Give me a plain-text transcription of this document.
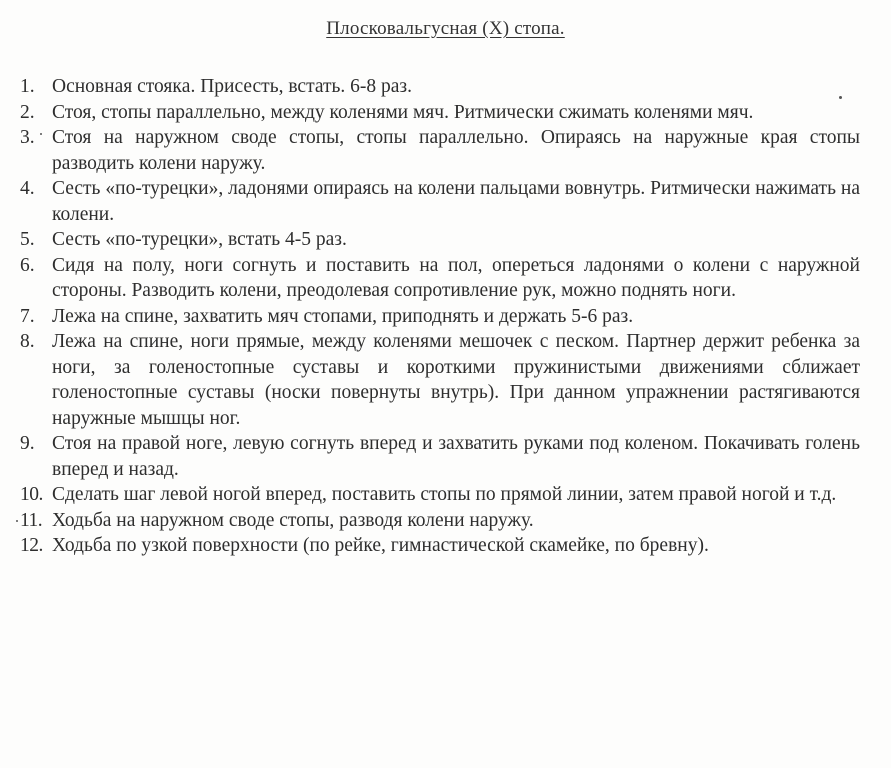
Плосковальгусная (Х) стопа.
1. Основная стоякa. Присесть, встать. 6-8 раз.
2. Стоя, стопы параллельно, между коленями мяч. Ритмически сжимать коленями мяч.
3. Стоя на наружном своде стопы, стопы параллельно. Опираясь на наружные края стопы разводить колени наружу.
4. Сесть «по-турецки», ладонями опираясь на колени пальцами вовнутрь. Ритмически нажимать на колени.
5. Сесть «по-турецки», встать 4-5 раз.
6. Сидя на полу, ноги согнуть и поставить на пол, опереться ладонями о колени с наружной стороны. Разводить колени, преодолевая сопротивление рук, можно поднять ноги.
7. Лежа на спине, захватить мяч стопами, приподнять и держать 5-6 раз.
8. Лежа на спине, ноги прямые, между коленями мешочек с песком. Партнер держит ребенка за ноги, за голеностопные суставы и короткими пружинистыми движениями сближает голеностопные суставы (носки повернуты внутрь). При данном упражнении растягиваются наружные мышцы ног.
9. Стоя на правой ноге, левую согнуть вперед и захватить руками под коленом. Покачивать голень вперед и назад.
10. Сделать шаг левой ногой вперед, поставить стопы по прямой линии, затем правой ногой и т.д.
11. Ходьба на наружном своде стопы, разводя колени наружу.
12. Ходьба по узкой поверхности (по рейке, гимнастической скамейке, по бревну).
